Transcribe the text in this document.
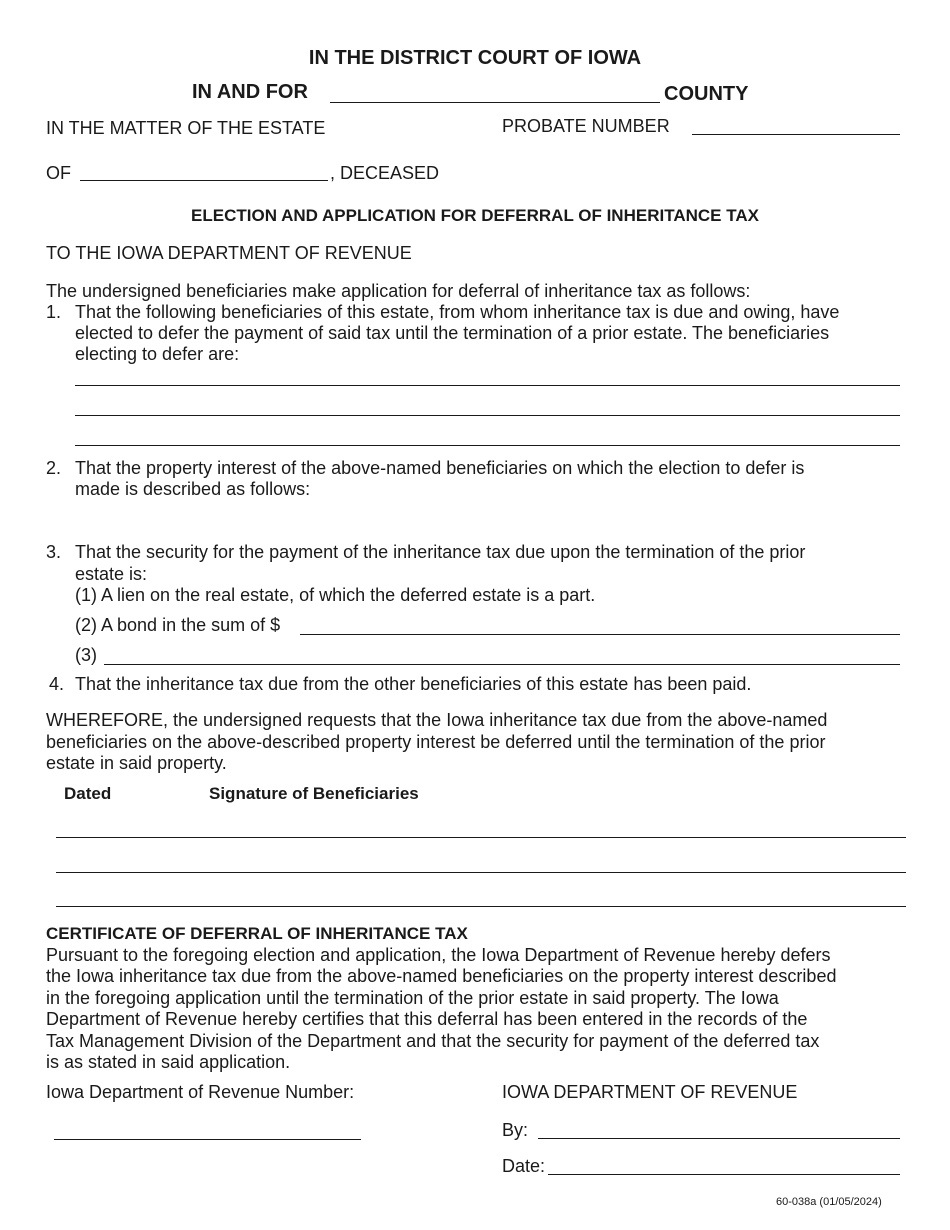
IN THE DISTRICT COURT OF IOWA
IN AND FOR	COUNTY
IN THE MATTER OF THE ESTATE	PROBATE NUMBER
OF	, DECEASED
ELECTION AND APPLICATION FOR DEFERRAL OF INHERITANCE TAX
TO THE IOWA DEPARTMENT OF REVENUE
The undersigned beneficiaries make application for deferral of inheritance tax as follows:
1. That the following beneficiaries of this estate, from whom inheritance tax is due and owing, have
elected to defer the payment of said tax until the termination of a prior estate. The beneficiaries
electing to defer are:
2. That the property interest of the above-named beneficiaries on which the election to defer is
made is described as follows:
3. That the security for the payment of the inheritance tax due upon the termination of the prior
estate is:
(1) A lien on the real estate, of which the deferred estate is a part.
(2) A bond in the sum of $
(3)
4. That the inheritance tax due from the other beneficiaries of this estate has been paid.
WHEREFORE, the undersigned requests that the Iowa inheritance tax due from the above-named
beneficiaries on the above-described property interest be deferred until the termination of the prior
estate in said property.
Dated	Signature of Beneficiaries
CERTIFICATE OF DEFERRAL OF INHERITANCE TAX
Pursuant to the foregoing election and application, the Iowa Department of Revenue hereby defers
the Iowa inheritance tax due from the above-named beneficiaries on the property interest described
in the foregoing application until the termination of the prior estate in said property. The Iowa
Department of Revenue hereby certifies that this deferral has been entered in the records of the
Tax Management Division of the Department and that the security for payment of the deferred tax
is as stated in said application.
Iowa Department of Revenue Number:	IOWA DEPARTMENT OF REVENUE
By:
Date:
60-038a (01/05/2024)
